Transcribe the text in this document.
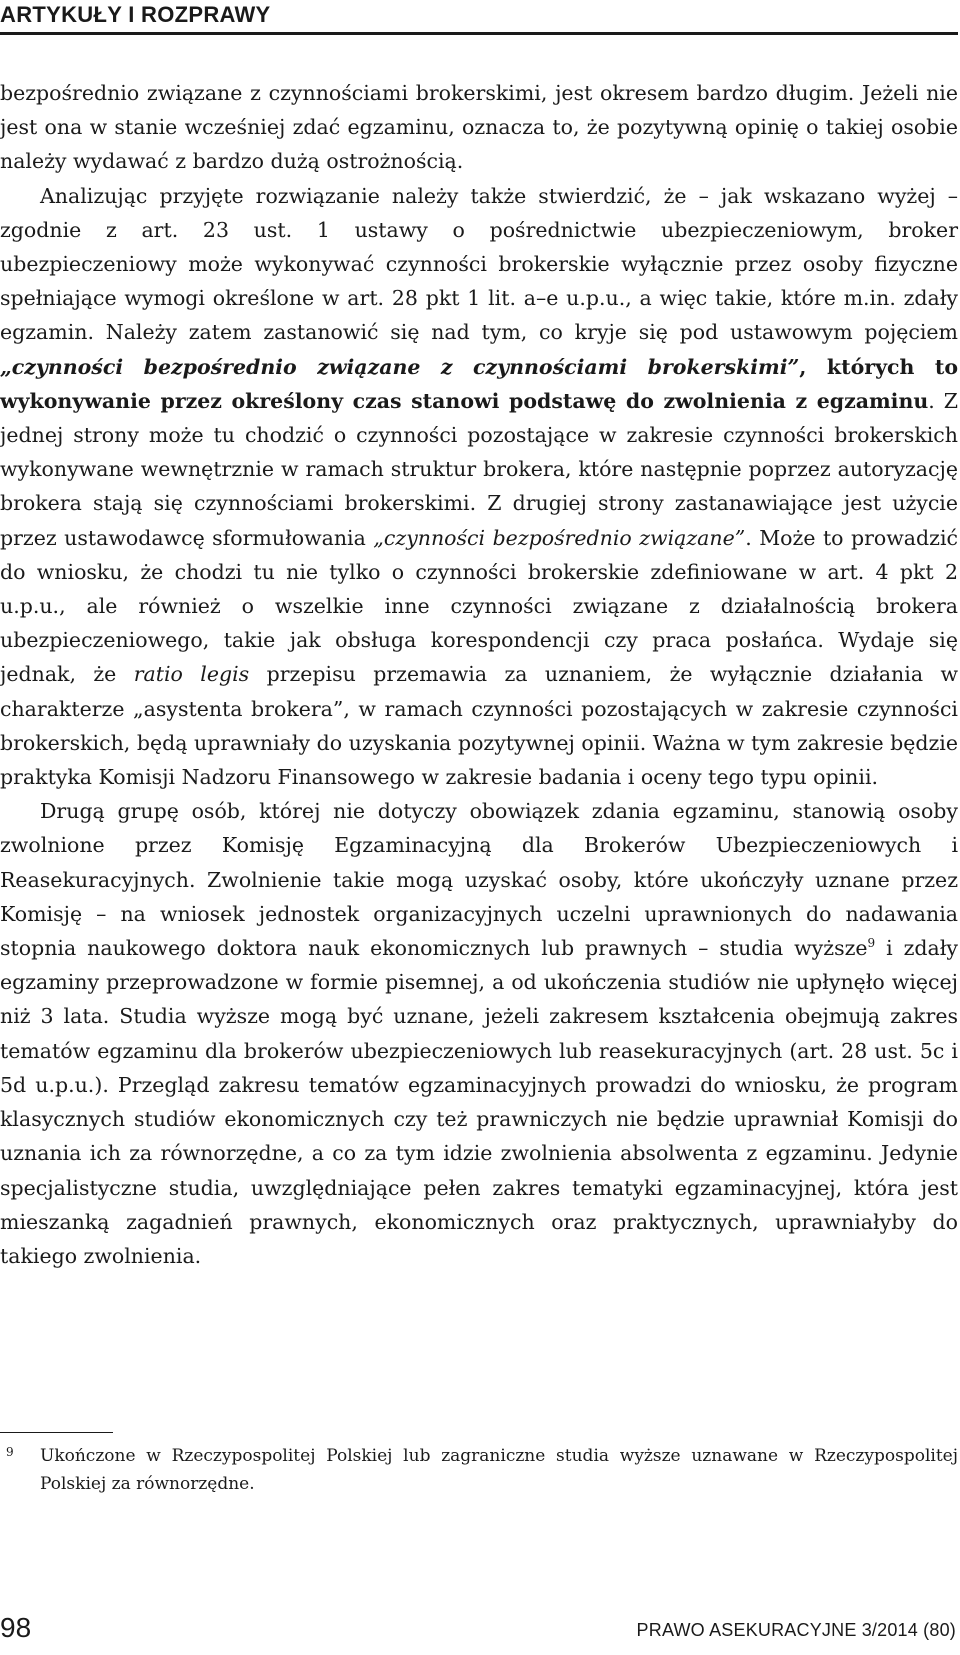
ARTYKUŁY I ROZPRAWY

bezpośrednio związane z czynnościami brokerskimi, jest okresem bardzo długim. Jeżeli nie jest ona w stanie wcześniej zdać egzaminu, oznacza to, że pozytywną opinię o takiej osobie należy wydawać z bardzo dużą ostrożnością.
Analizując przyjęte rozwiązanie należy także stwierdzić, że – jak wskazano wyżej – zgodnie z art. 23 ust. 1 ustawy o pośrednictwie ubezpieczeniowym, broker ubezpieczeniowy może wykonywać czynności brokerskie wyłącznie przez osoby fizyczne spełniające wymogi określone w art. 28 pkt 1 lit. a–e u.p.u., a więc takie, które m.in. zdały egzamin. Należy zatem zastanowić się nad tym, co kryje się pod ustawowym pojęciem „czynności bezpośrednio związane z czynnościami brokerskimi”, których to wykonywanie przez określony czas stanowi podstawę do zwolnienia z egzaminu. Z jednej strony może tu chodzić o czynności pozostające w zakresie czynności brokerskich wykonywane wewnętrznie w ramach struktur brokera, które następnie poprzez autoryzację brokera stają się czynnościami brokerskimi. Z drugiej strony zastanawiające jest użycie przez ustawodawcę sformułowania „czynności bezpośrednio związane”. Może to prowadzić do wniosku, że chodzi tu nie tylko o czynności brokerskie zdefiniowane w art. 4 pkt 2 u.p.u., ale również o wszelkie inne czynności związane z działalnością brokera ubezpieczeniowego, takie jak obsługa korespondencji czy praca posłańca. Wydaje się jednak, że ratio legis przepisu przemawia za uznaniem, że wyłącznie działania w charakterze „asystenta brokera”, w ramach czynności pozostających w zakresie czynności brokerskich, będą uprawniały do uzyskania pozytywnej opinii. Ważna w tym zakresie będzie praktyka Komisji Nadzoru Finansowego w zakresie badania i oceny tego typu opinii.

Drugą grupę osób, której nie dotyczy obowiązek zdania egzaminu, stanowią osoby zwolnione przez Komisję Egzaminacyjną dla Brokerów Ubezpieczeniowych i Reasekuracyjnych. Zwolnienie takie mogą uzyskać osoby, które ukończyły uznane przez Komisję – na wniosek jednostek organizacyjnych uczelni uprawnionych do nadawania stopnia naukowego doktora nauk ekonomicznych lub prawnych – studia wyższe$^9$ i zdały egzaminy przeprowadzone w formie pisemnej, a od ukończenia studiów nie upłynęło więcej niż 3 lata. Studia wyższe mogą być uznane, jeżeli zakresem kształcenia obejmują zakres tematów egzaminu dla brokerów ubezpieczeniowych lub reasekuracyjnych (art. 28 ust. 5c i 5d u.p.u.). Przegląd zakresu tematów egzaminacyjnych prowadzi do wniosku, że program klasycznych studiów ekonomicznych czy też prawniczych nie będzie uprawniał Komisji do uznania ich za równorzędne, a co za tym idzie zwolnienia absolwenta z egzaminu. Jedynie specjalistyczne studia, uwzględniające pełen zakres tematyki egzaminacyjnej, która jest mieszanką zagadnień prawnych, ekonomicznych oraz praktycznych, uprawniałyby do takiego zwolnienia.

9	Ukończone w Rzeczypospolitej Polskiej lub zagraniczne studia wyższe uznawane w Rzeczypospolitej Polskiej za równorzędne.
98	PRAWO ASEKURACYJNE 3/2014 (80)
